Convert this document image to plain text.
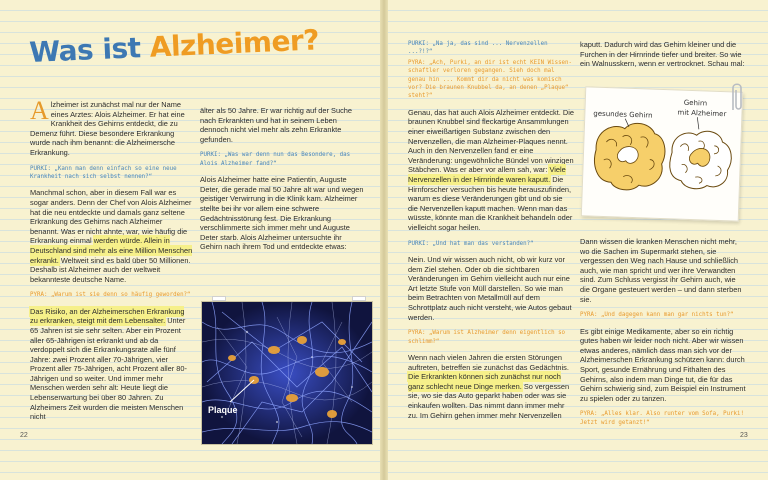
Was ist Alzheimer?

Alzheimer ist zunächst mal nur der Name eines Arztes: Alois Alzheimer. Er hat eine Krankheit des Gehirns entdeckt, die zu Demenz führt. Diese besondere Erkrankung wurde nach ihm benannt: die Alzheimersche Erkrankung.

PURKI: „Kann man denn einfach so eine neue Krankheit nach sich selbst nennen?“

Manchmal schon, aber in diesem Fall war es sogar anders. Denn der Chef von Alois Alzheimer hat die neu entdeckte und damals ganz seltene Erkrankung des Gehirns nach Alzheimer benannt. Was er nicht ahnte, war, wie häufig die Erkrankung einmal werden würde. Allein in Deutschland sind mehr als eine Million Menschen erkrankt. Weltweit sind es bald über 50 Millionen. Deshalb ist Alzheimer auch der weltweit bekannteste deutsche Name.

PYRA: „Warum ist sie denn so häufig geworden?“

Das Risiko, an der Alzheimerschen Erkrankung zu erkranken, steigt mit dem Lebensalter. Unter 65 Jahren ist sie sehr selten. Aber ein Prozent aller 65-Jährigen ist erkrankt und ab da verdoppelt sich die Erkrankungsrate alle fünf Jahre: zwei Prozent aller 70-Jährigen, vier Prozent aller 75-Jährigen, acht Prozent aller 80-Jährigen und so weiter. Und immer mehr Menschen werden sehr alt: Heute liegt die Lebenserwartung bei über 80 Jahren. Zu Alzheimers Zeit wurden die meisten Menschen nicht

älter als 50 Jahre. Er war richtig auf der Suche nach Erkrankten und hat in seinem Leben dennoch nicht viel mehr als zehn Erkrankte gefunden.

PURKI: „Was war denn nun das Besondere, das Alois Alzheimer fand?“

Alois Alzheimer hatte eine Patientin, Auguste Deter, die gerade mal 50 Jahre alt war und wegen geistiger Verwirrung in die Klinik kam. Alzheimer stellte bei ihr vor allem eine schwere Gedächtnisstörung fest. Die Erkrankung verschlimmerte sich immer mehr und Auguste Deter starb. Alois Alzheimer untersuchte ihr Gehirn nach ihrem Tod und entdeckte etwas:

Plaque
22

PURKI: „Na ja, das sind ... Nervenzellen ...?!?“

PYRA: „Ach, Purki, an dir ist echt KEIN Wissenschaftler verloren gegangen. Sieh doch mal genau hin ... Kommt dir da nicht was komisch vor? Die braunen Knubbel da, an denen „Plaque“ steht?“

Genau, das hat auch Alois Alzheimer entdeckt. Die braunen Knubbel sind fleckartige Ansammlungen einer eiweißartigen Substanz zwischen den Nervenzellen, die man Alzheimer-Plaques nennt. Auch in den Nervenzellen fand er eine Veränderung: ungewöhnliche Bündel von winzigen Stäbchen. Was er aber vor allem sah, war: Viele Nervenzellen in der Hirnrinde waren kaputt. Die Hirnforscher versuchen bis heute herauszufinden, warum es diese Veränderungen gibt und ob sie die Nervenzellen kaputt machen. Wenn man das wüsste, könnte man die Krankheit behandeln oder vielleicht sogar heilen.

PURKI: „Und hat man das verstanden?“

Nein. Und wir wissen auch nicht, ob wir kurz vor dem Ziel stehen. Oder ob die sichtbaren Veränderungen im Gehirn vielleicht auch nur eine Art letzte Stufe von Müll darstellen. So wie man beim Betrachten von Metallmüll auf dem Schrottplatz auch nicht versteht, wie Autos gebaut werden.

PYRA: „Warum ist Alzheimer denn eigentlich so schlimm?“

Wenn nach vielen Jahren die ersten Störungen auftreten, betreffen sie zunächst das Gedächtnis. Die Erkrankten können sich zunächst nur noch ganz schlecht neue Dinge merken. So vergessen sie, wo sie das Auto geparkt haben oder was sie einkaufen wollten. Das nimmt dann immer mehr zu. Im Gehirn gehen immer mehr Nervenzellen

kaputt. Dadurch wird das Gehirn kleiner und die Furchen in der Hirnrinde tiefer und breiter. So wie ein Walnusskern, wenn er vertrocknet. Schau mal:

gesundes Gehirn
Gehirn
mit Alzheimer

Dann wissen die kranken Menschen nicht mehr, wo die Sachen im Supermarkt stehen, sie vergessen den Weg nach Hause und schließlich auch, wie man spricht und wer ihre Verwandten sind. Zum Schluss vergisst ihr Gehirn auch, wie die Organe gesteuert werden – und dann sterben sie.

PYRA: „Und dagegen kann man gar nichts tun?“

Es gibt einige Medikamente, aber so ein richtig gutes haben wir leider noch nicht. Aber wir wissen etwas anderes, nämlich dass man sich vor der Alzheimerschen Erkrankung schützen kann: durch Sport, gesunde Ernährung und Fithalten des Gehirns, also indem man Dinge tut, die für das Gehirn schwierig sind, zum Beispiel ein Instrument zu spielen oder zu tanzen.

PYRA: „Alles klar. Also runter vom Sofa, Purki! Jetzt wird getanzt!“

23
